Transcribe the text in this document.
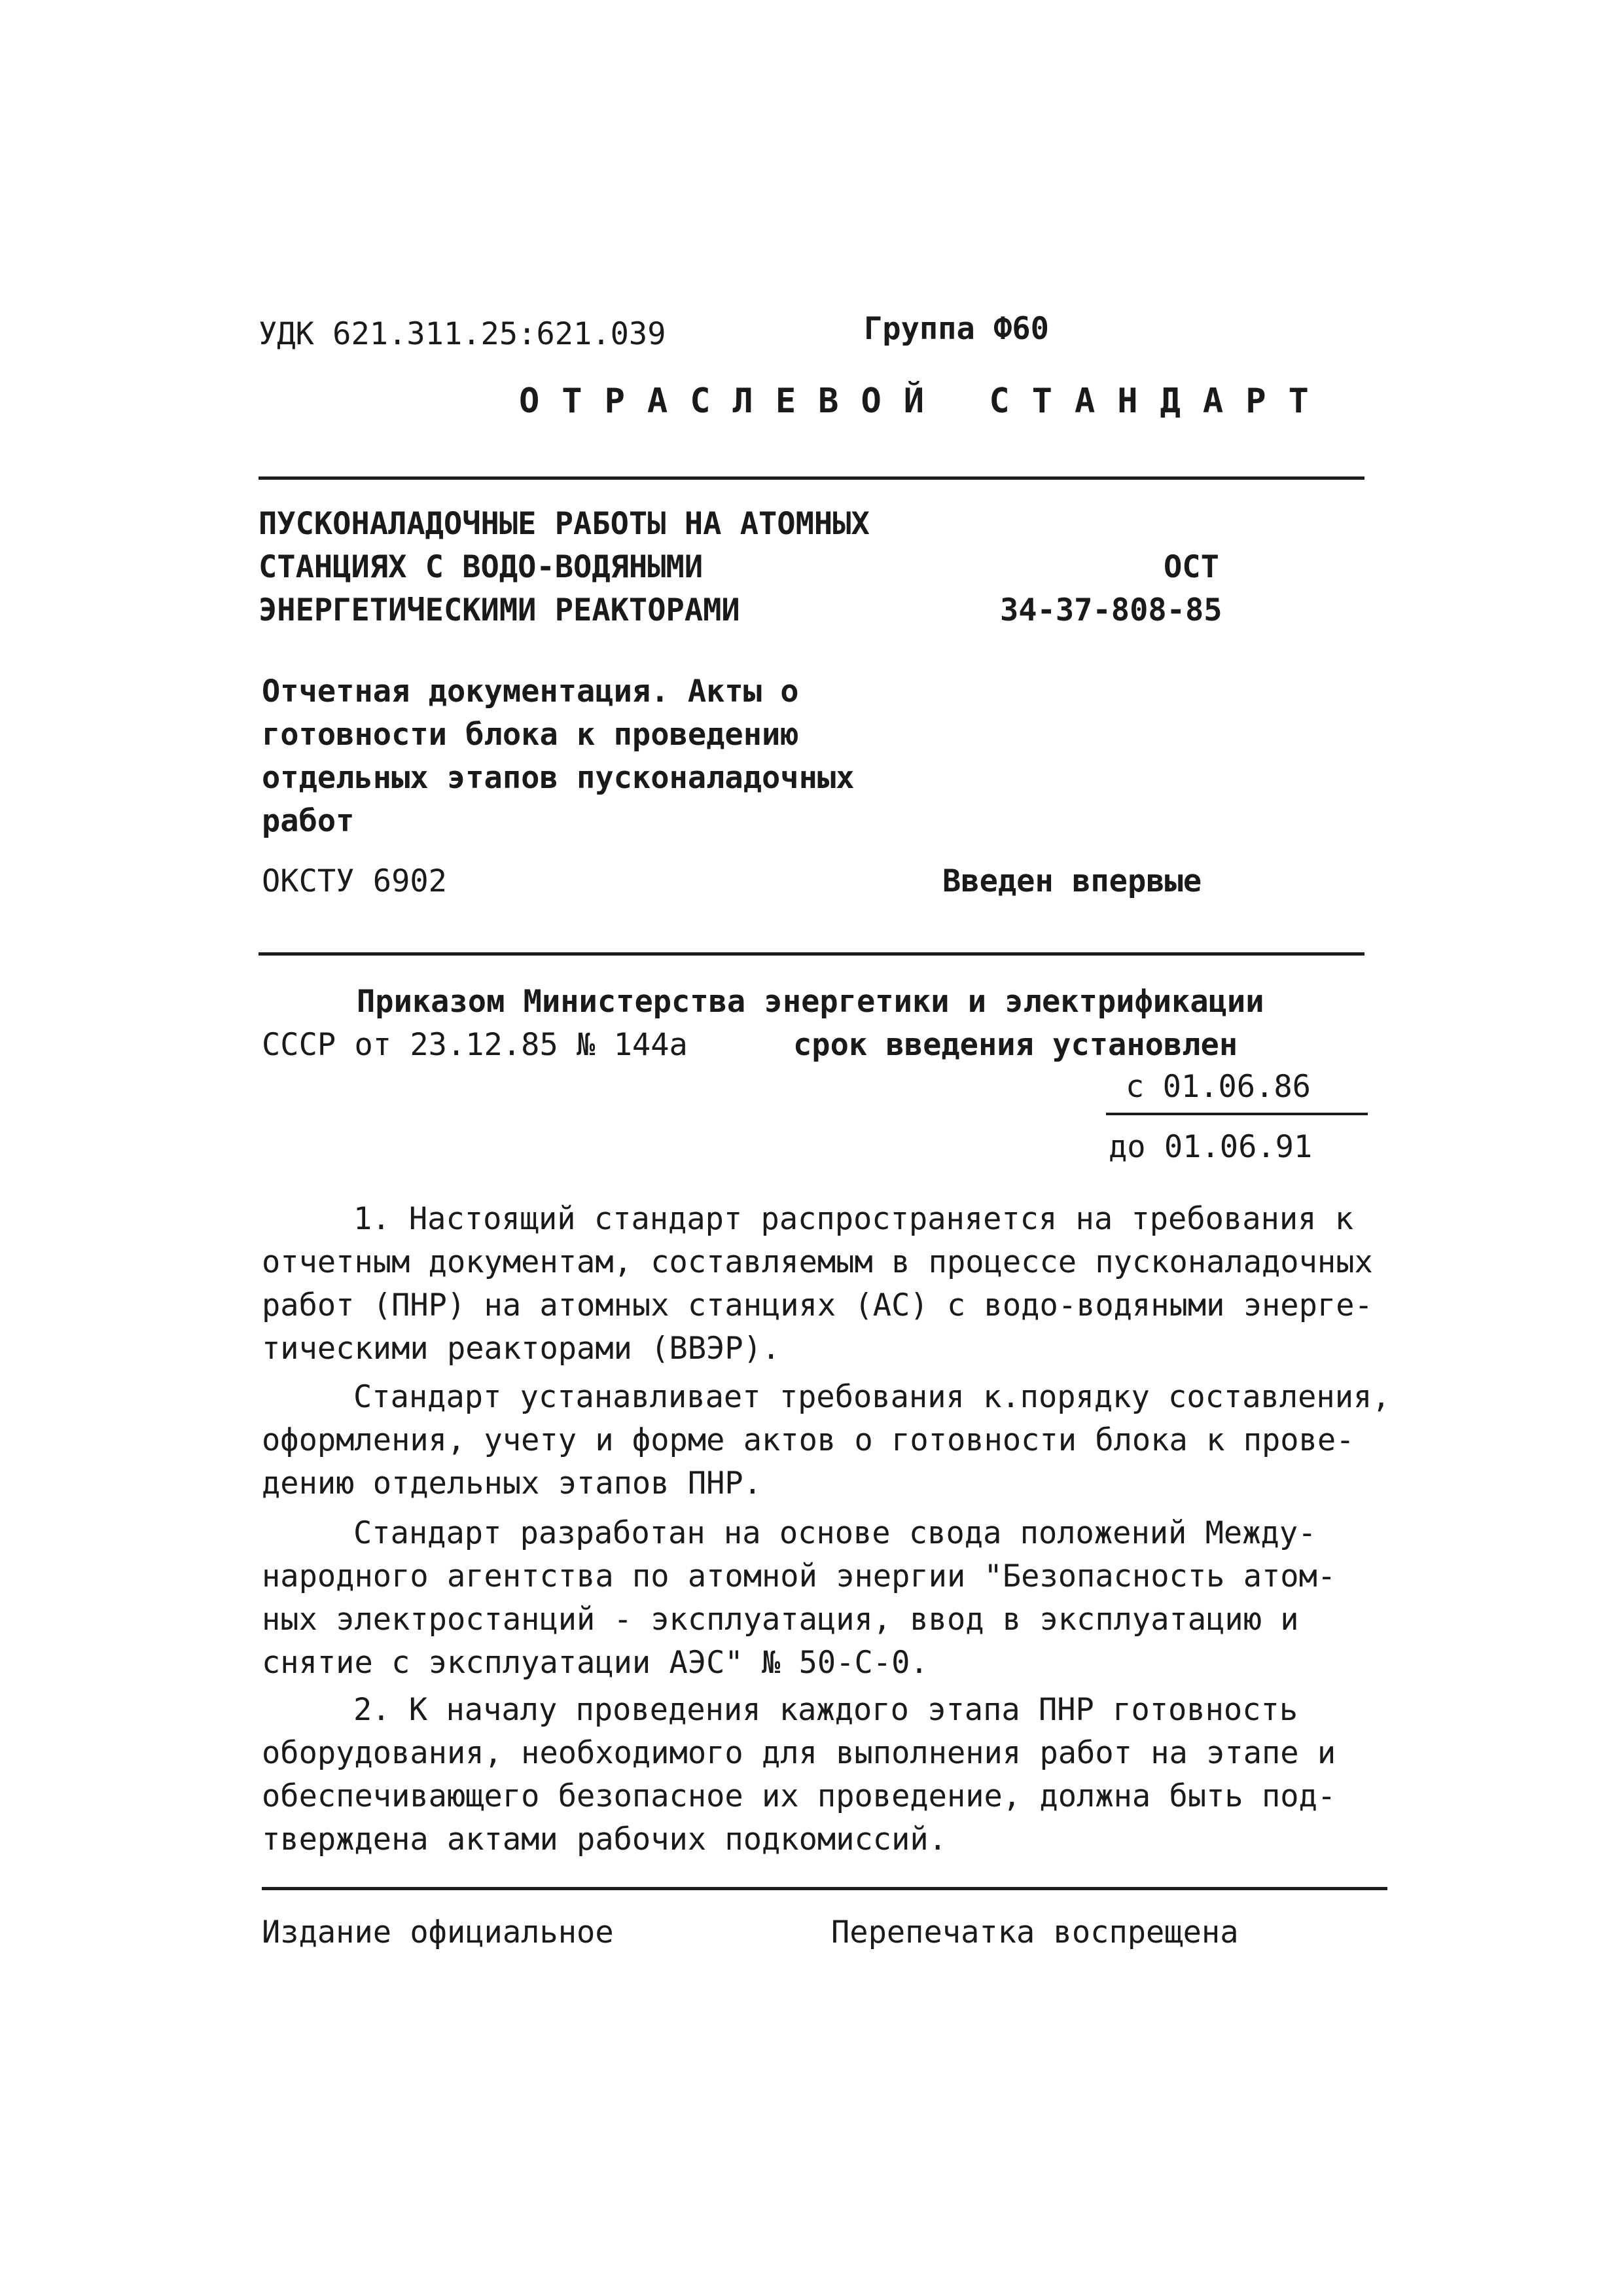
УДК 621.311.25:621.039	Группа Ф60
ОТРАСЛЕВОЙ СТАНДАРТ
ПУСКОНАЛАДОЧНЫЕ РАБОТЫ НА АТОМНЫХ
СТАНЦИЯХ С ВОДО-ВОДЯНЫМИ
ЭНЕРГЕТИЧЕСКИМИ РЕАКТОРАМИ
ОСТ
34-37-808-85
Отчетная документация. Акты о
готовности блока к проведению
отдельных этапов пусконаладочных
работ
ОКСТУ 6902	Введен впервые
Приказом Министерства энергетики и электрификации
СССР от 23.12.85 № 144а	срок введения установлен
с 01.06.86
до 01.06.91
1. Настоящий стандарт распространяется на требования к
отчетным документам, составляемым в процессе пусконаладочных
работ (ПНР) на атомных станциях (АС) с водо-водяными энерге-
тическими реакторами (ВВЭР).
Стандарт устанавливает требования к.порядку составления,
оформления, учету и форме актов о готовности блока к прове-
дению отдельных этапов ПНР.
Стандарт разработан на основе свода положений Между-
народного агентства по атомной энергии "Безопасность атом-
ных электростанций - эксплуатация, ввод в эксплуатацию и
снятие с эксплуатации АЭС" № 50-С-0.
2. К началу проведения каждого этапа ПНР готовность
оборудования, необходимого для выполнения работ на этапе и
обеспечивающего безопасное их проведение, должна быть под-
тверждена актами рабочих подкомиссий.
Издание официальное	Перепечатка воспрещена
